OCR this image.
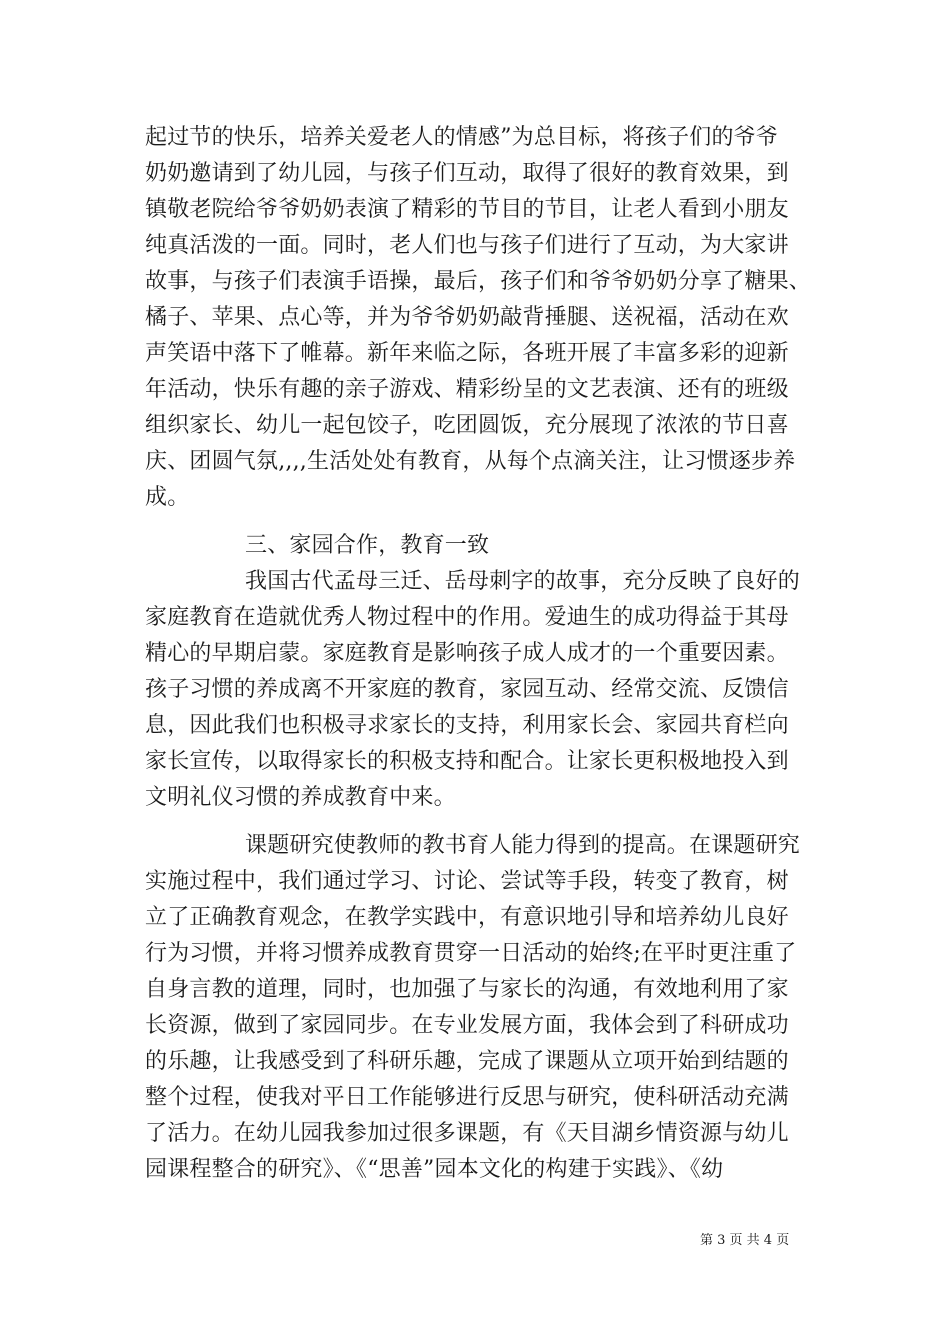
起过节的快乐，培养关爱老人的情感”为总目标，将孩子们的爷爷
奶奶邀请到了幼儿园，与孩子们互动，取得了很好的教育效果，到
镇敬老院给爷爷奶奶表演了精彩的节目的节目，让老人看到小朋友
纯真活泼的一面。同时，老人们也与孩子们进行了互动，为大家讲
故事，与孩子们表演手语操，最后，孩子们和爷爷奶奶分享了糖果、
橘子、苹果、点心等，并为爷爷奶奶敲背捶腿、送祝福，活动在欢
声笑语中落下了帷幕。新年来临之际，各班开展了丰富多彩的迎新
年活动，快乐有趣的亲子游戏、精彩纷呈的文艺表演、还有的班级
组织家长、幼儿一起包饺子，吃团圆饭，充分展现了浓浓的节日喜
庆、团圆气氛,,,,生活处处有教育，从每个点滴关注，让习惯逐步养
成。
三、家园合作，教育一致
我国古代孟母三迁、岳母刺字的故事，充分反映了良好的
家庭教育在造就优秀人物过程中的作用。爱迪生的成功得益于其母
精心的早期启蒙。家庭教育是影响孩子成人成才的一个重要因素。
孩子习惯的养成离不开家庭的教育，家园互动、经常交流、反馈信
息，因此我们也积极寻求家长的支持，利用家长会、家园共育栏向
家长宣传，以取得家长的积极支持和配合。让家长更积极地投入到
文明礼仪习惯的养成教育中来。
课题研究使教师的教书育人能力得到的提高。在课题研究
实施过程中，我们通过学习、讨论、尝试等手段，转变了教育，树
立了正确教育观念，在教学实践中，有意识地引导和培养幼儿良好
行为习惯，并将习惯养成教育贯穿一日活动的始终;在平时更注重了
自身言教的道理，同时，也加强了与家长的沟通，有效地利用了家
长资源，做到了家园同步。在专业发展方面，我体会到了科研成功
的乐趣，让我感受到了科研乐趣，完成了课题从立项开始到结题的
整个过程，使我对平日工作能够进行反思与研究，使科研活动充满
了活力。在幼儿园我参加过很多课题，有《天目湖乡情资源与幼儿
园课程整合的研究》、《“思善”园本文化的构建于实践》、《幼
第 3 页 共 4 页
